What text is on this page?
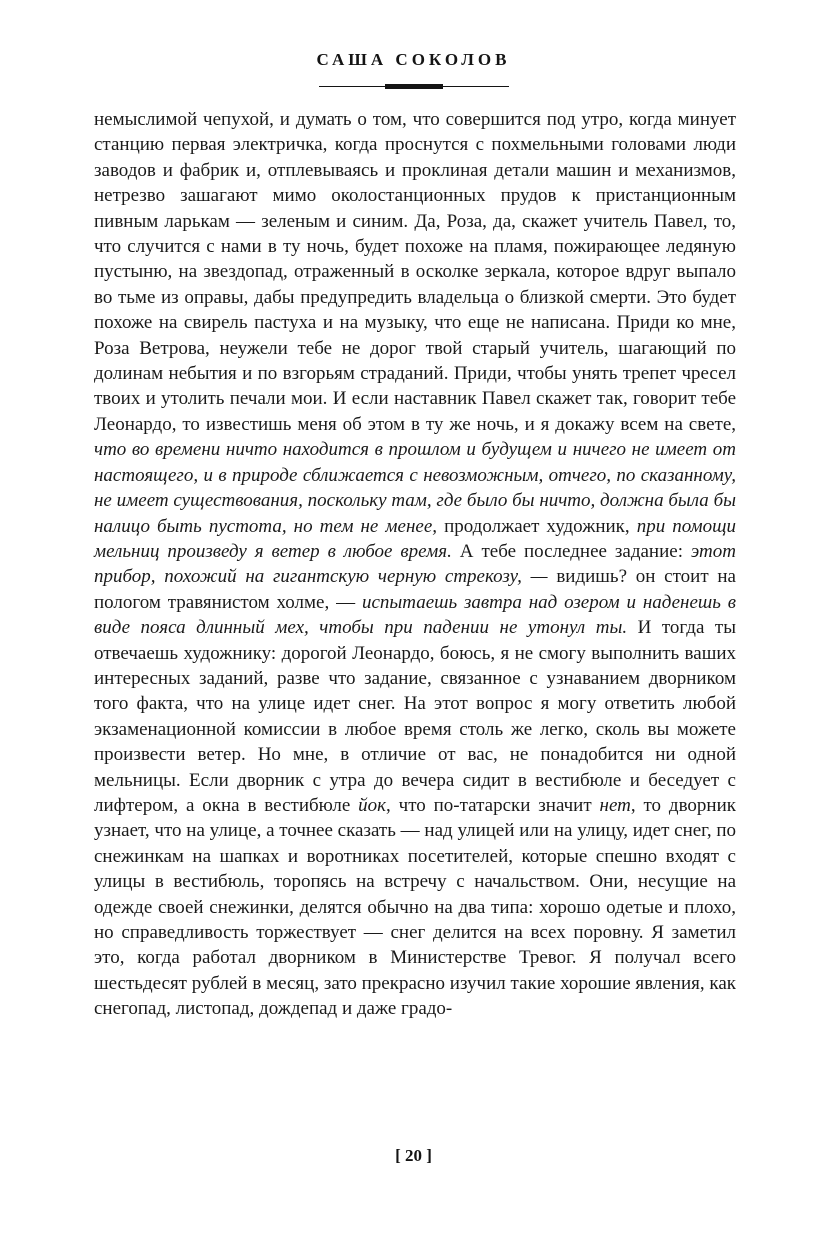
САША СОКОЛОВ
немыслимой чепухой, и думать о том, что совершится под утро, когда минует станцию первая электричка, когда проснутся с похмельными головами люди заводов и фабрик и, отплевываясь и проклиная детали машин и механизмов, нетрезво зашагают мимо околостанционных прудов к пристанционным пивным ларькам — зеленым и синим. Да, Роза, да, скажет учитель Павел, то, что случится с нами в ту ночь, будет похоже на пламя, пожирающее ледяную пустыню, на звездопад, отраженный в осколке зеркала, которое вдруг выпало во тьме из оправы, дабы предупредить владельца о близкой смерти. Это будет похоже на свирель пастуха и на музыку, что еще не написана. Приди ко мне, Роза Ветрова, неужели тебе не дорог твой старый учитель, шагающий по долинам небытия и по взгорьям страданий. Приди, чтобы унять трепет чресел твоих и утолить печали мои. И если наставник Павел скажет так, говорит тебе Леонардо, то известишь меня об этом в ту же ночь, и я докажу всем на свете, что во времени ничто находится в прошлом и будущем и ничего не имеет от настоящего, и в природе сближается с невозможным, отчего, по сказанному, не имеет существования, поскольку там, где было бы ничто, должна была бы налицо быть пустота, но тем не менее, продолжает художник, при помощи мельниц произведу я ветер в любое время. А тебе последнее задание: этот прибор, похожий на гигантскую черную стрекозу, — видишь? он стоит на пологом травянистом холме, — испытаешь завтра над озером и наденешь в виде пояса длинный мех, чтобы при падении не утонул ты. И тогда ты отвечаешь художнику: дорогой Леонардо, боюсь, я не смогу выполнить ваших интересных заданий, разве что задание, связанное с узнаванием дворником того факта, что на улице идет снег. На этот вопрос я могу ответить любой экзаменационной комиссии в любое время столь же легко, сколь вы можете произвести ветер. Но мне, в отличие от вас, не понадобится ни одной мельницы. Если дворник с утра до вечера сидит в вестибюле и беседует с лифтером, а окна в вестибюле йок, что по-татарски значит нет, то дворник узнает, что на улице, а точнее сказать — над улицей или на улицу, идет снег, по снежинкам на шапках и воротниках посетителей, которые спешно входят с улицы в вестибюль, торопясь на встречу с начальством. Они, несущие на одежде своей снежинки, делятся обычно на два типа: хорошо одетые и плохо, но справедливость торжествует — снег делится на всех поровну. Я заметил это, когда работал дворником в Министерстве Тревог. Я получал всего шестьдесят рублей в месяц, зато прекрасно изучил такие хорошие явления, как снегопад, листопад, дождепад и даже градо-
[ 20 ]
